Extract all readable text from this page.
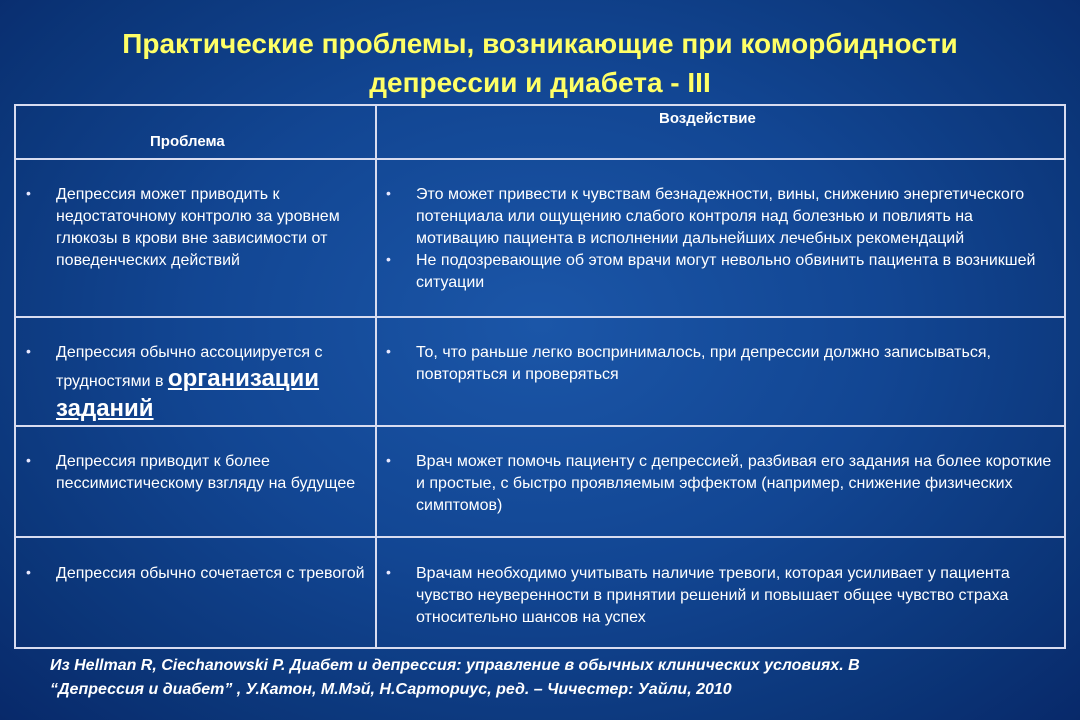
Практические проблемы, возникающие при коморбидности
депрессии и диабета - III
Проблема
Воздействие
• Депрессия может приводить к недостаточному контролю за уровнем глюкозы в крови вне зависимости от поведенческих действий
• Это может привести к чувствам безнадежности, вины, снижению энергетического потенциала или ощущению слабого контроля над болезнью и повлиять на мотивацию пациента в исполнении дальнейших лечебных рекомендаций
• Не подозревающие об этом врачи могут невольно обвинить пациента в возникшей ситуации
• Депрессия обычно ассоциируется с трудностями в организации заданий
• То, что раньше легко воспринималось, при депрессии должно записываться, повторяться и проверяться
• Депрессия приводит к более пессимистическому взгляду на будущее
• Врач может помочь пациенту с депрессией, разбивая его задания на более короткие и простые, с быстро проявляемым эффектом (например, снижение физических симптомов)
• Депрессия обычно сочетается с тревогой	• Врачам необходимо учитывать наличие тревоги, которая усиливает у пациента чувство неуверенности в принятии решений и повышает общее чувство страха относительно шансов на успех
Из Hellman R, Ciechanowski P. Диабет и депрессия: управление в обычных клинических условиях. В
“Депрессия и диабет” , У.Катон, М.Мэй, Н.Сарториус, ред. – Чичестер: Уайли, 2010
